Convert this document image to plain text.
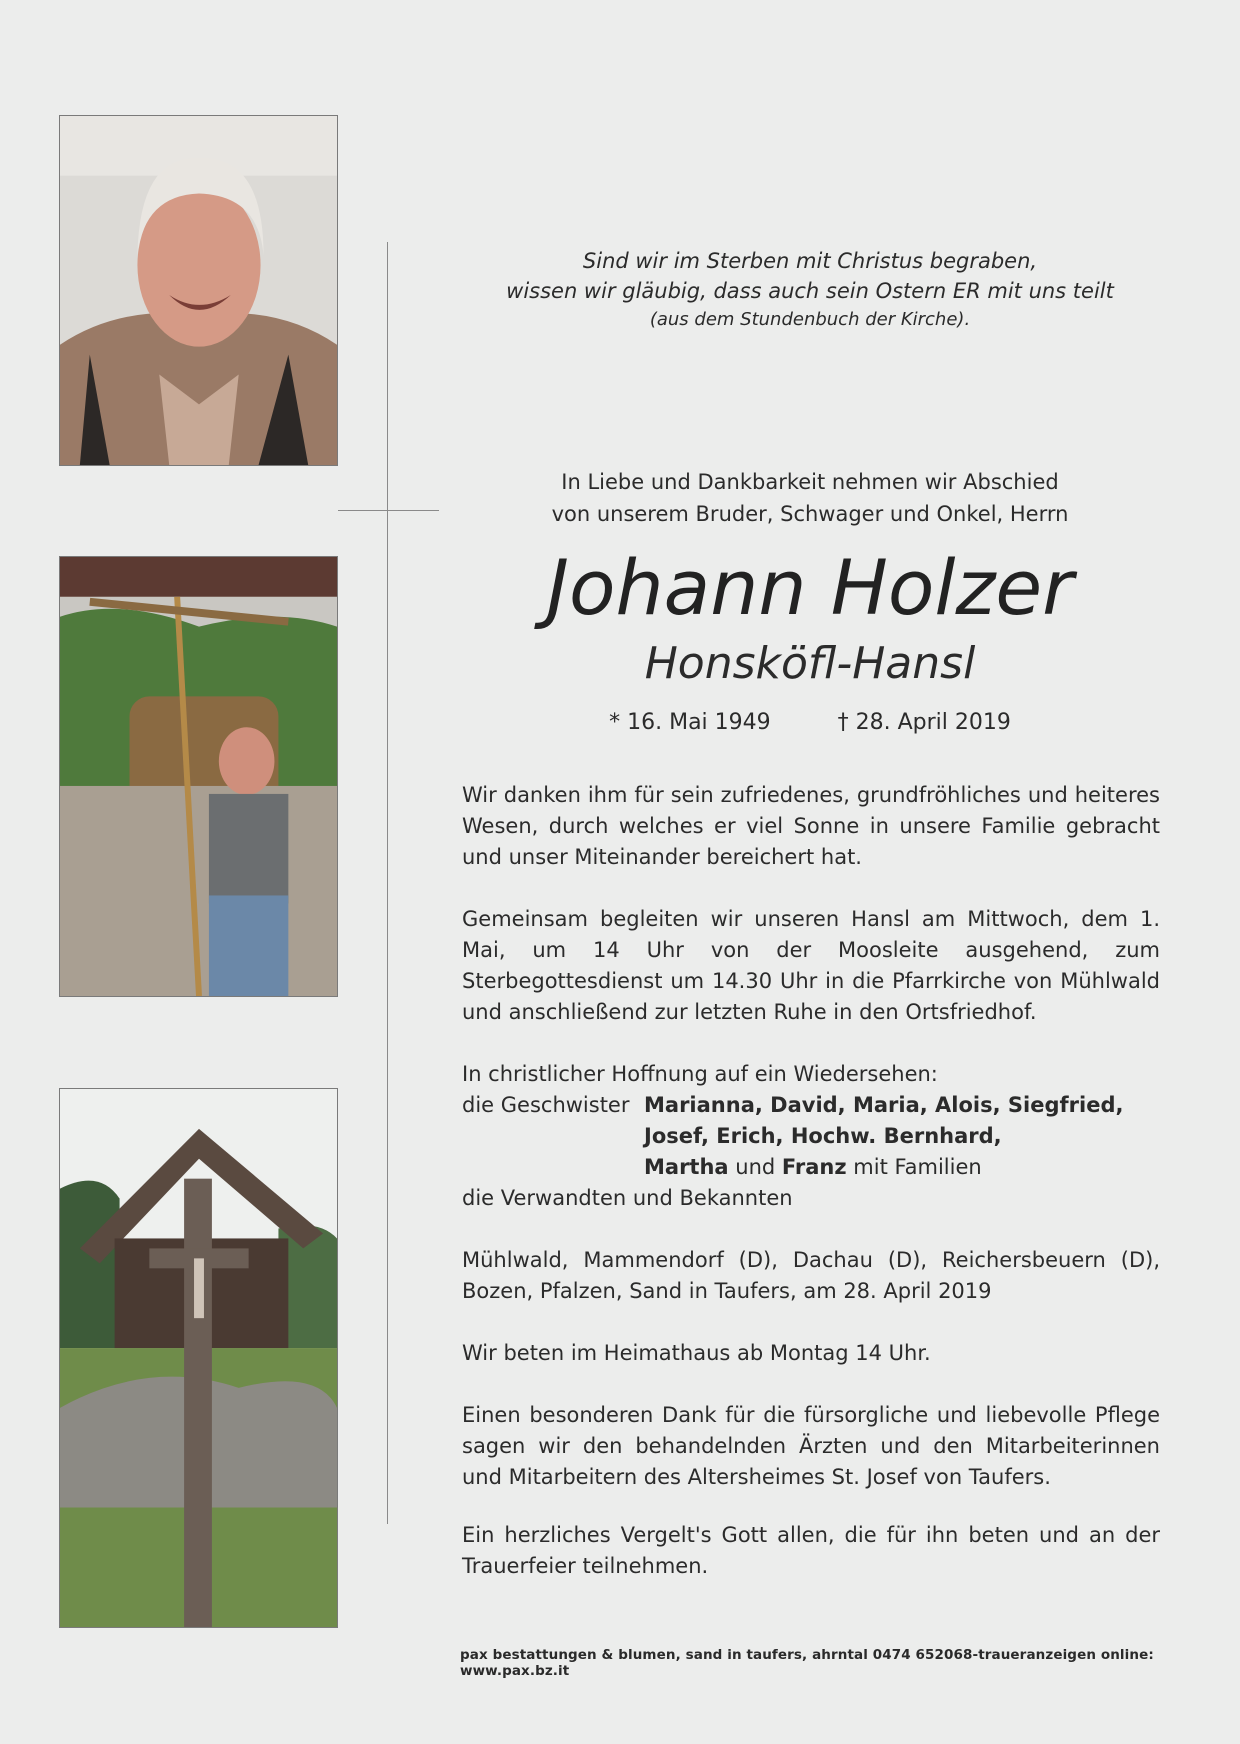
Sind wir im Sterben mit Christus begraben,
wissen wir gläubig, dass auch sein Ostern ER mit uns teilt
(aus dem Stundenbuch der Kirche).
In Liebe und Dankbarkeit nehmen wir Abschied
von unserem Bruder, Schwager und Onkel, Herrn
Johann Holzer
Honsköfl-Hansl
* 16. Mai 1949	† 28. April 2019

Wir danken ihm für sein zufriedenes, grundfröhliches und heiteres Wesen, durch welches er viel Sonne in unsere Familie gebracht und unser Miteinander bereichert hat.

Gemeinsam begleiten wir unseren Hansl am Mittwoch, dem 1. Mai, um 14 Uhr von der Moosleite ausgehend, zum Sterbegottesdienst um 14.30 Uhr in die Pfarrkirche von Mühlwald und anschließend zur letzten Ruhe in den Ortsfriedhof.

In christlicher Hoffnung auf ein Wiedersehen:

die Geschwister Marianna, David, Maria, Alois, Siegfried,

Josef, Erich, Hochw. Bernhard,

Martha und Franz mit Familien

die Verwandten und Bekannten

Mühlwald, Mammendorf (D), Dachau (D), Reichersbeuern (D), Bozen, Pfalzen, Sand in Taufers, am 28. April 2019

Wir beten im Heimathaus ab Montag 14 Uhr.

Einen besonderen Dank für die fürsorgliche und liebevolle Pflege sagen wir den behandelnden Ärzten und den Mitarbeiterinnen und Mitarbeitern des Altersheimes St. Josef von Taufers.

Ein herzliches Vergelt's Gott allen, die für ihn beten und an der Trauerfeier teilnehmen.

pax bestattungen & blumen, sand in taufers, ahrntal 0474 652068-traueranzeigen online: www.pax.bz.it
